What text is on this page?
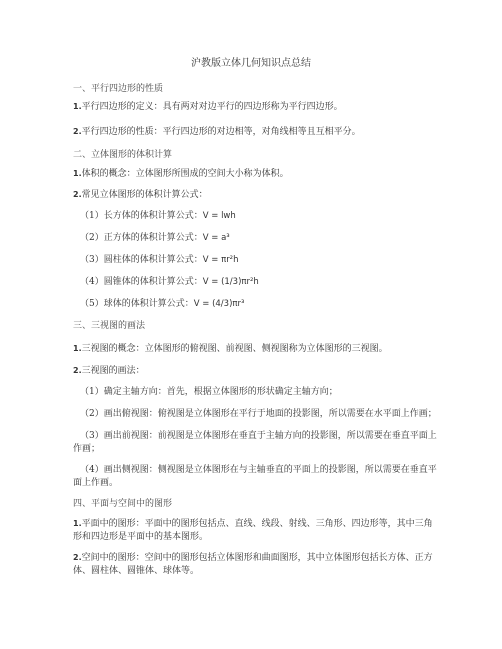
沪教版立体几何知识点总结
一、平行四边形的性质
1.平行四边形的定义：具有两对对边平行的四边形称为平行四边形。
2.平行四边形的性质：平行四边形的对边相等，对角线相等且互相平分。
二、立体图形的体积计算
1.体积的概念：立体图形所围成的空间大小称为体积。
2.常见立体图形的体积计算公式：
（1）长方体的体积计算公式：V = lwh
（2）正方体的体积计算公式：V = a³
（3）圆柱体的体积计算公式：V = πr²h
（4）圆锥体的体积计算公式：V = (1/3)πr²h
（5）球体的体积计算公式：V = (4/3)πr³
三、三视图的画法
1.三视图的概念：立体图形的俯视图、前视图、侧视图称为立体图形的三视图。
2.三视图的画法：
（1）确定主轴方向：首先，根据立体图形的形状确定主轴方向；
（2）画出俯视图：俯视图是立体图形在平行于地面的投影图，所以需要在水平面上作画；
（3）画出前视图：前视图是立体图形在垂直于主轴方向的投影图，所以需要在垂直平面上作画；
（4）画出侧视图：侧视图是立体图形在与主轴垂直的平面上的投影图，所以需要在垂直平面上作画。
四、平面与空间中的图形
1.平面中的图形：平面中的图形包括点、直线、线段、射线、三角形、四边形等，其中三角形和四边形是平面中的基本图形。
2.空间中的图形：空间中的图形包括立体图形和曲面图形，其中立体图形包括长方体、正方体、圆柱体、圆锥体、球体等。
